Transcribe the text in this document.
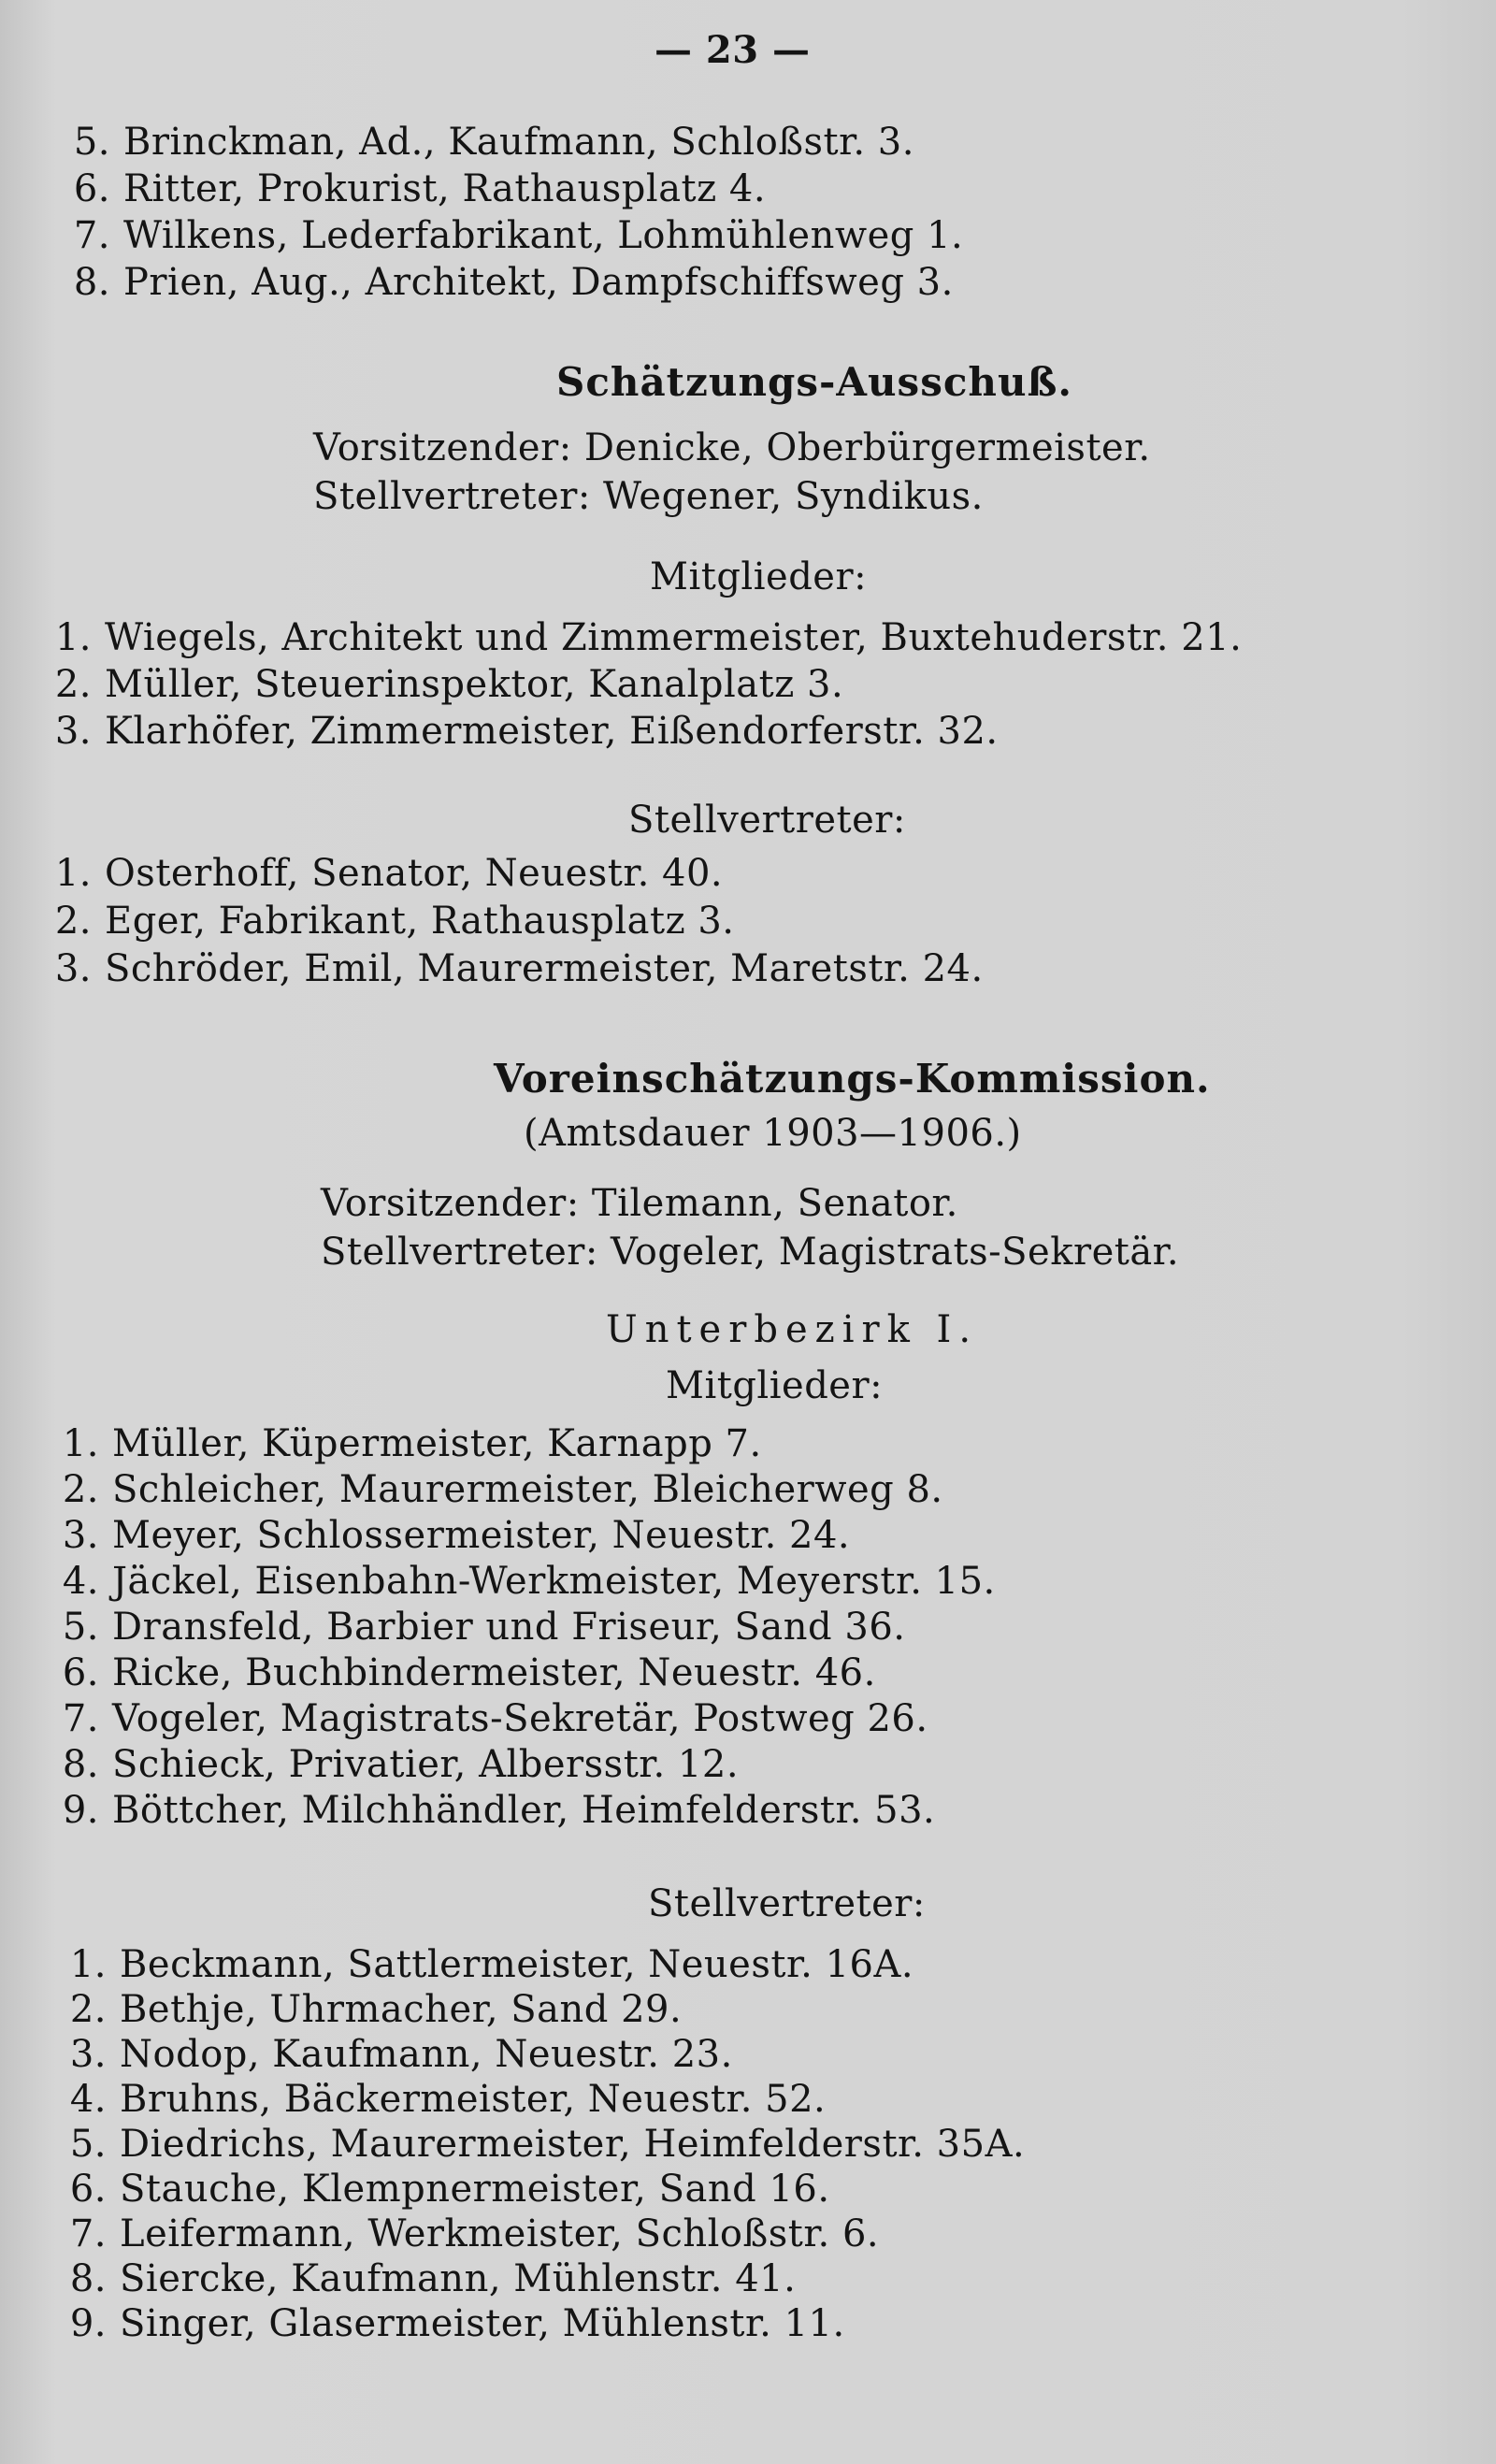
— 23 —
5. Brinckman, Ad., Kaufmann, Schloßstr. 3.
6. Ritter, Prokurist, Rathausplatz 4.
7. Wilkens, Lederfabrikant, Lohmühlenweg 1.
8. Prien, Aug., Architekt, Dampfschiffsweg 3.
Schätzungs-Ausschuß.
Vorsitzender: Denicke, Oberbürgermeister.
Stellvertreter: Wegener, Syndikus.
Mitglieder:
1. Wiegels, Architekt und Zimmermeister, Buxtehuderstr. 21.
2. Müller, Steuerinspektor, Kanalplatz 3.
3. Klarhöfer, Zimmermeister, Eißendorferstr. 32.
Stellvertreter:
1. Osterhoff, Senator, Neuestr. 40.
2. Eger, Fabrikant, Rathausplatz 3.
3. Schröder, Emil, Maurermeister, Maretstr. 24.
Voreinschätzungs-Kommission.
(Amtsdauer 1903—1906.)
Vorsitzender: Tilemann, Senator.
Stellvertreter: Vogeler, Magistrats-Sekretär.
Unterbezirk I.
Mitglieder:
1. Müller, Küpermeister, Karnapp 7.
2. Schleicher, Maurermeister, Bleicherweg 8.
3. Meyer, Schlossermeister, Neuestr. 24.
4. Jäckel, Eisenbahn-Werkmeister, Meyerstr. 15.
5. Dransfeld, Barbier und Friseur, Sand 36.
6. Ricke, Buchbindermeister, Neuestr. 46.
7. Vogeler, Magistrats-Sekretär, Postweg 26.
8. Schieck, Privatier, Albersstr. 12.
9. Böttcher, Milchhändler, Heimfelderstr. 53.
Stellvertreter:
1. Beckmann, Sattlermeister, Neuestr. 16A.
2. Bethje, Uhrmacher, Sand 29.
3. Nodop, Kaufmann, Neuestr. 23.
4. Bruhns, Bäckermeister, Neuestr. 52.
5. Diedrichs, Maurermeister, Heimfelderstr. 35A.
6. Stauche, Klempnermeister, Sand 16.
7. Leifermann, Werkmeister, Schloßstr. 6.
8. Siercke, Kaufmann, Mühlenstr. 41.
9. Singer, Glasermeister, Mühlenstr. 11.
